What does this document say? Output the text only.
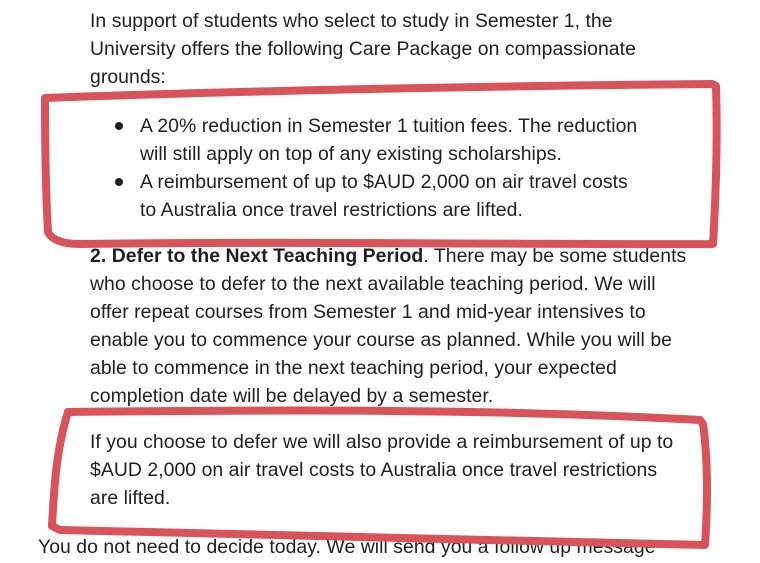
In support of students who select to study in Semester 1, the
University offers the following Care Package on compassionate
grounds:
A 20% reduction in Semester 1 tuition fees. The reduction
will still apply on top of any existing scholarships.
A reimbursement of up to $AUD 2,000 on air travel costs
to Australia once travel restrictions are lifted.
2. Defer to the Next Teaching Period. There may be some students
who choose to defer to the next available teaching period. We will
offer repeat courses from Semester 1 and mid-year intensives to
enable you to commence your course as planned. While you will be
able to commence in the next teaching period, your expected
completion date will be delayed by a semester.
If you choose to defer we will also provide a reimbursement of up to
$AUD 2,000 on air travel costs to Australia once travel restrictions
are lifted.
You do not need to decide today. We will send you a follow up message
